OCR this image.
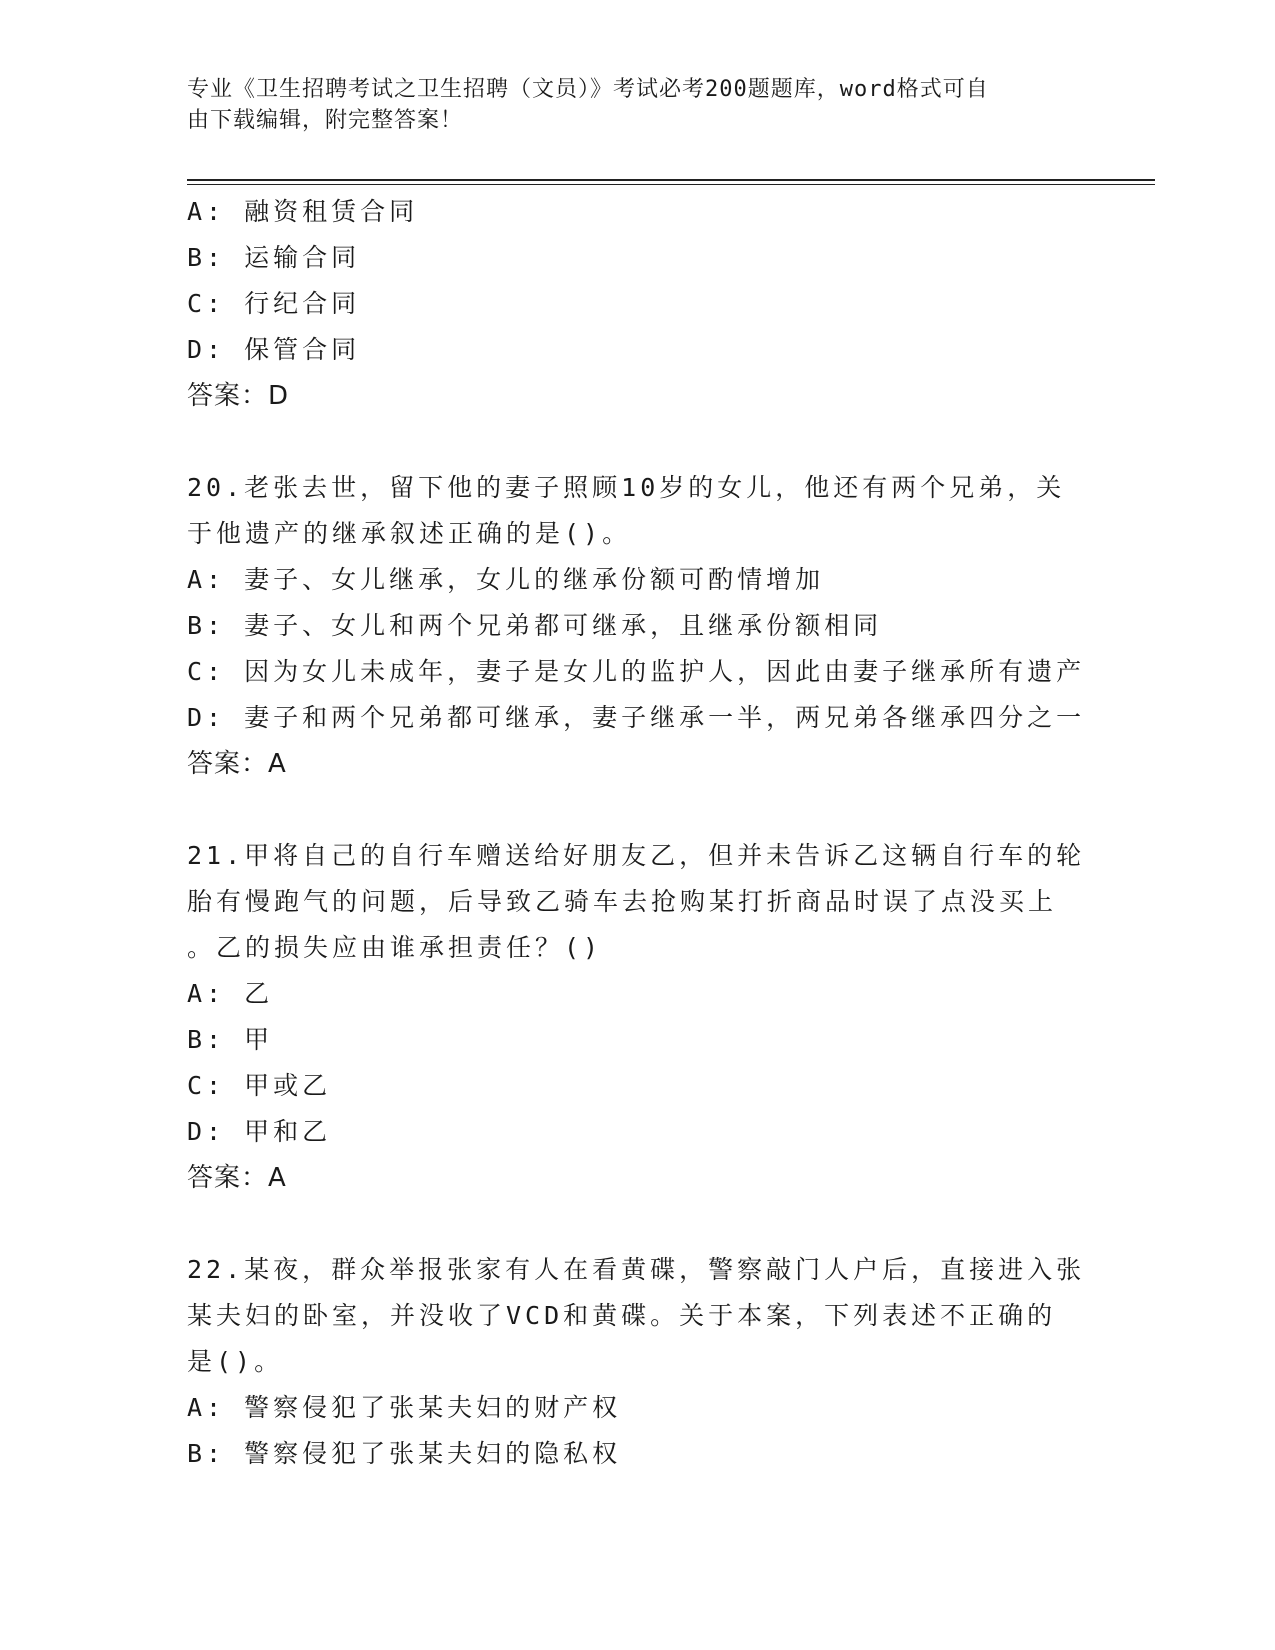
专业《卫生招聘考试之卫生招聘（文员）》考试必考200题题库，word格式可自
由下载编辑，附完整答案！
A: 融资租赁合同
B: 运输合同
C: 行纪合同
D: 保管合同
答案：D
20.老张去世，留下他的妻子照顾10岁的女儿，他还有两个兄弟，关
于他遗产的继承叙述正确的是()。
A: 妻子、女儿继承，女儿的继承份额可酌情增加
B: 妻子、女儿和两个兄弟都可继承，且继承份额相同
C: 因为女儿未成年，妻子是女儿的监护人，因此由妻子继承所有遗产
D: 妻子和两个兄弟都可继承，妻子继承一半，两兄弟各继承四分之一
答案：A
21.甲将自己的自行车赠送给好朋友乙，但并未告诉乙这辆自行车的轮
胎有慢跑气的问题，后导致乙骑车去抢购某打折商品时误了点没买上
。乙的损失应由谁承担责任？()
A: 乙
B: 甲
C: 甲或乙
D: 甲和乙
答案：A
22.某夜，群众举报张家有人在看黄碟，警察敲门人户后，直接进入张
某夫妇的卧室，并没收了VCD和黄碟。关于本案，下列表述不正确的
是()。
A: 警察侵犯了张某夫妇的财产权
B: 警察侵犯了张某夫妇的隐私权
